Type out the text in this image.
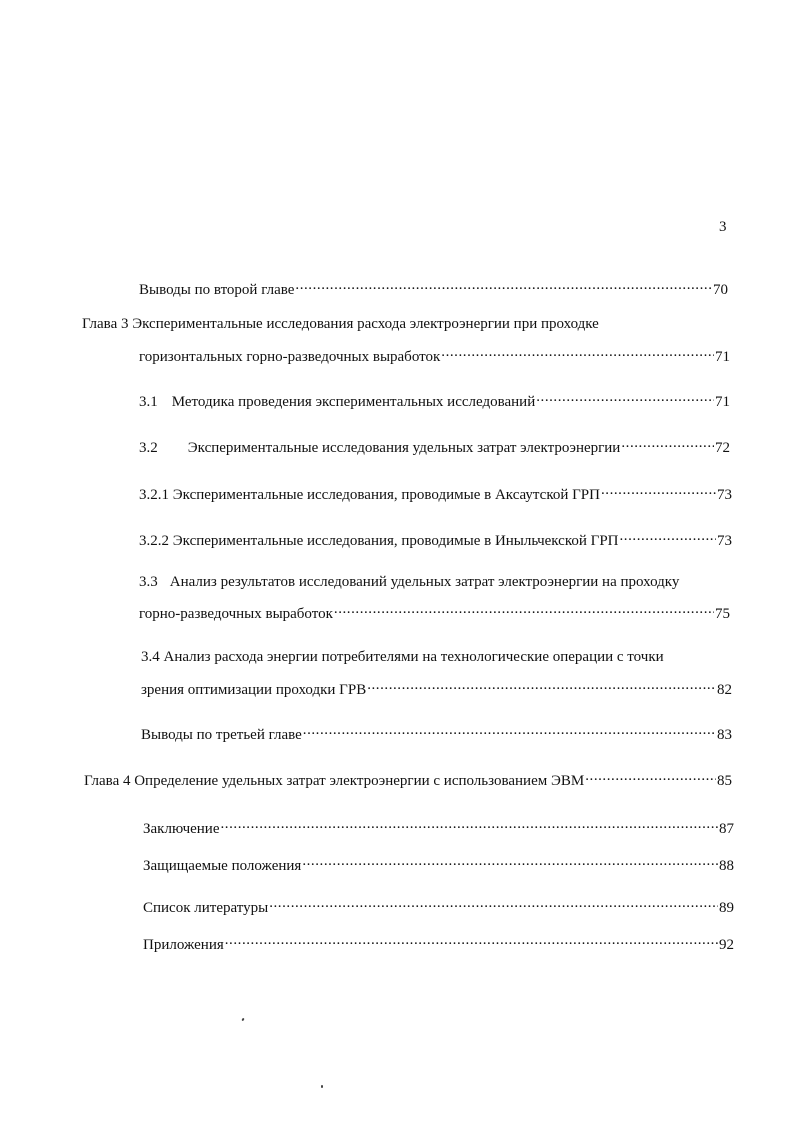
3
Выводы по второй главе . . .	70
Глава 3 Экспериментальные исследования расхода электроэнергии при проходке
горизонтальных горно-разведочных выработок . . .	71
3.1 Методика проведения экспериментальных исследований . . .	71
3.2 Экспериментальные исследования удельных затрат электроэнергии . . .	72
3.2.1 Экспериментальные исследования, проводимые в Аксаутской ГРП . . .	73
3.2.2 Экспериментальные исследования, проводимые в Иныльчекской ГРП . . .	73
3.3 Анализ результатов исследований удельных затрат электроэнергии на проходку
горно-разведочных выработок . . .	75
3.4 Анализ расхода энергии потребителями на технологические операции с точки
зрения оптимизации проходки ГРВ . . .	82
Выводы по третьей главе . . .	83
Глава 4 Определение удельных затрат электроэнергии с использованием ЭВМ . . .	85
Заключение . . .	87
Защищаемые положения . . .	88
Список литературы . . .	89
Приложения . . .	92
